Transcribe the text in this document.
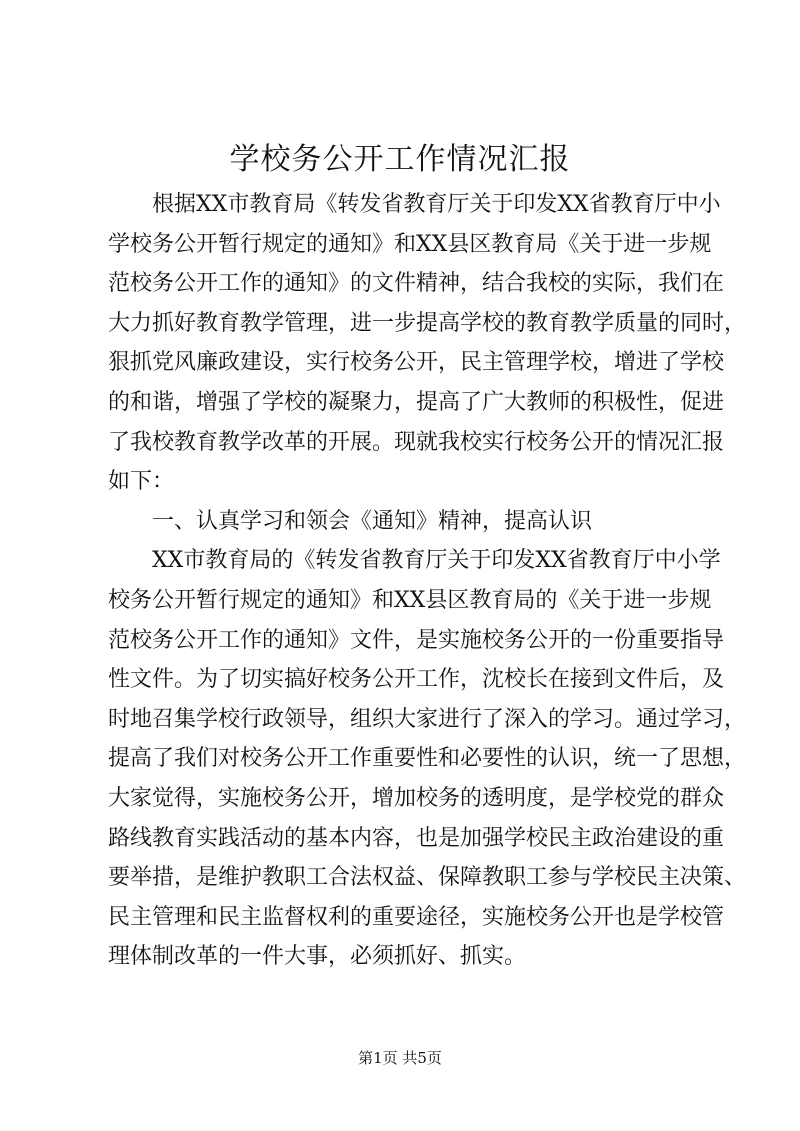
学校务公开工作情况汇报
根据XX市教育局《转发省教育厅关于印发XX省教育厅中小
学校务公开暂行规定的通知》和XX县区教育局《关于进一步规
范校务公开工作的通知》的文件精神，结合我校的实际，我们在
大力抓好教育教学管理，进一步提高学校的教育教学质量的同时，
狠抓党风廉政建设，实行校务公开，民主管理学校，增进了学校
的和谐，增强了学校的凝聚力，提高了广大教师的积极性，促进
了我校教育教学改革的开展。现就我校实行校务公开的情况汇报
如下：
一、认真学习和领会《通知》精神，提高认识
XX市教育局的《转发省教育厅关于印发XX省教育厅中小学
校务公开暂行规定的通知》和XX县区教育局的《关于进一步规
范校务公开工作的通知》文件，是实施校务公开的一份重要指导
性文件。为了切实搞好校务公开工作，沈校长在接到文件后，及
时地召集学校行政领导，组织大家进行了深入的学习。通过学习，
提高了我们对校务公开工作重要性和必要性的认识，统一了思想，
大家觉得，实施校务公开，增加校务的透明度，是学校党的群众
路线教育实践活动的基本内容，也是加强学校民主政治建设的重
要举措，是维护教职工合法权益、保障教职工参与学校民主决策、
民主管理和民主监督权利的重要途径，实施校务公开也是学校管
理体制改革的一件大事，必须抓好、抓实。
第1页 共5页
